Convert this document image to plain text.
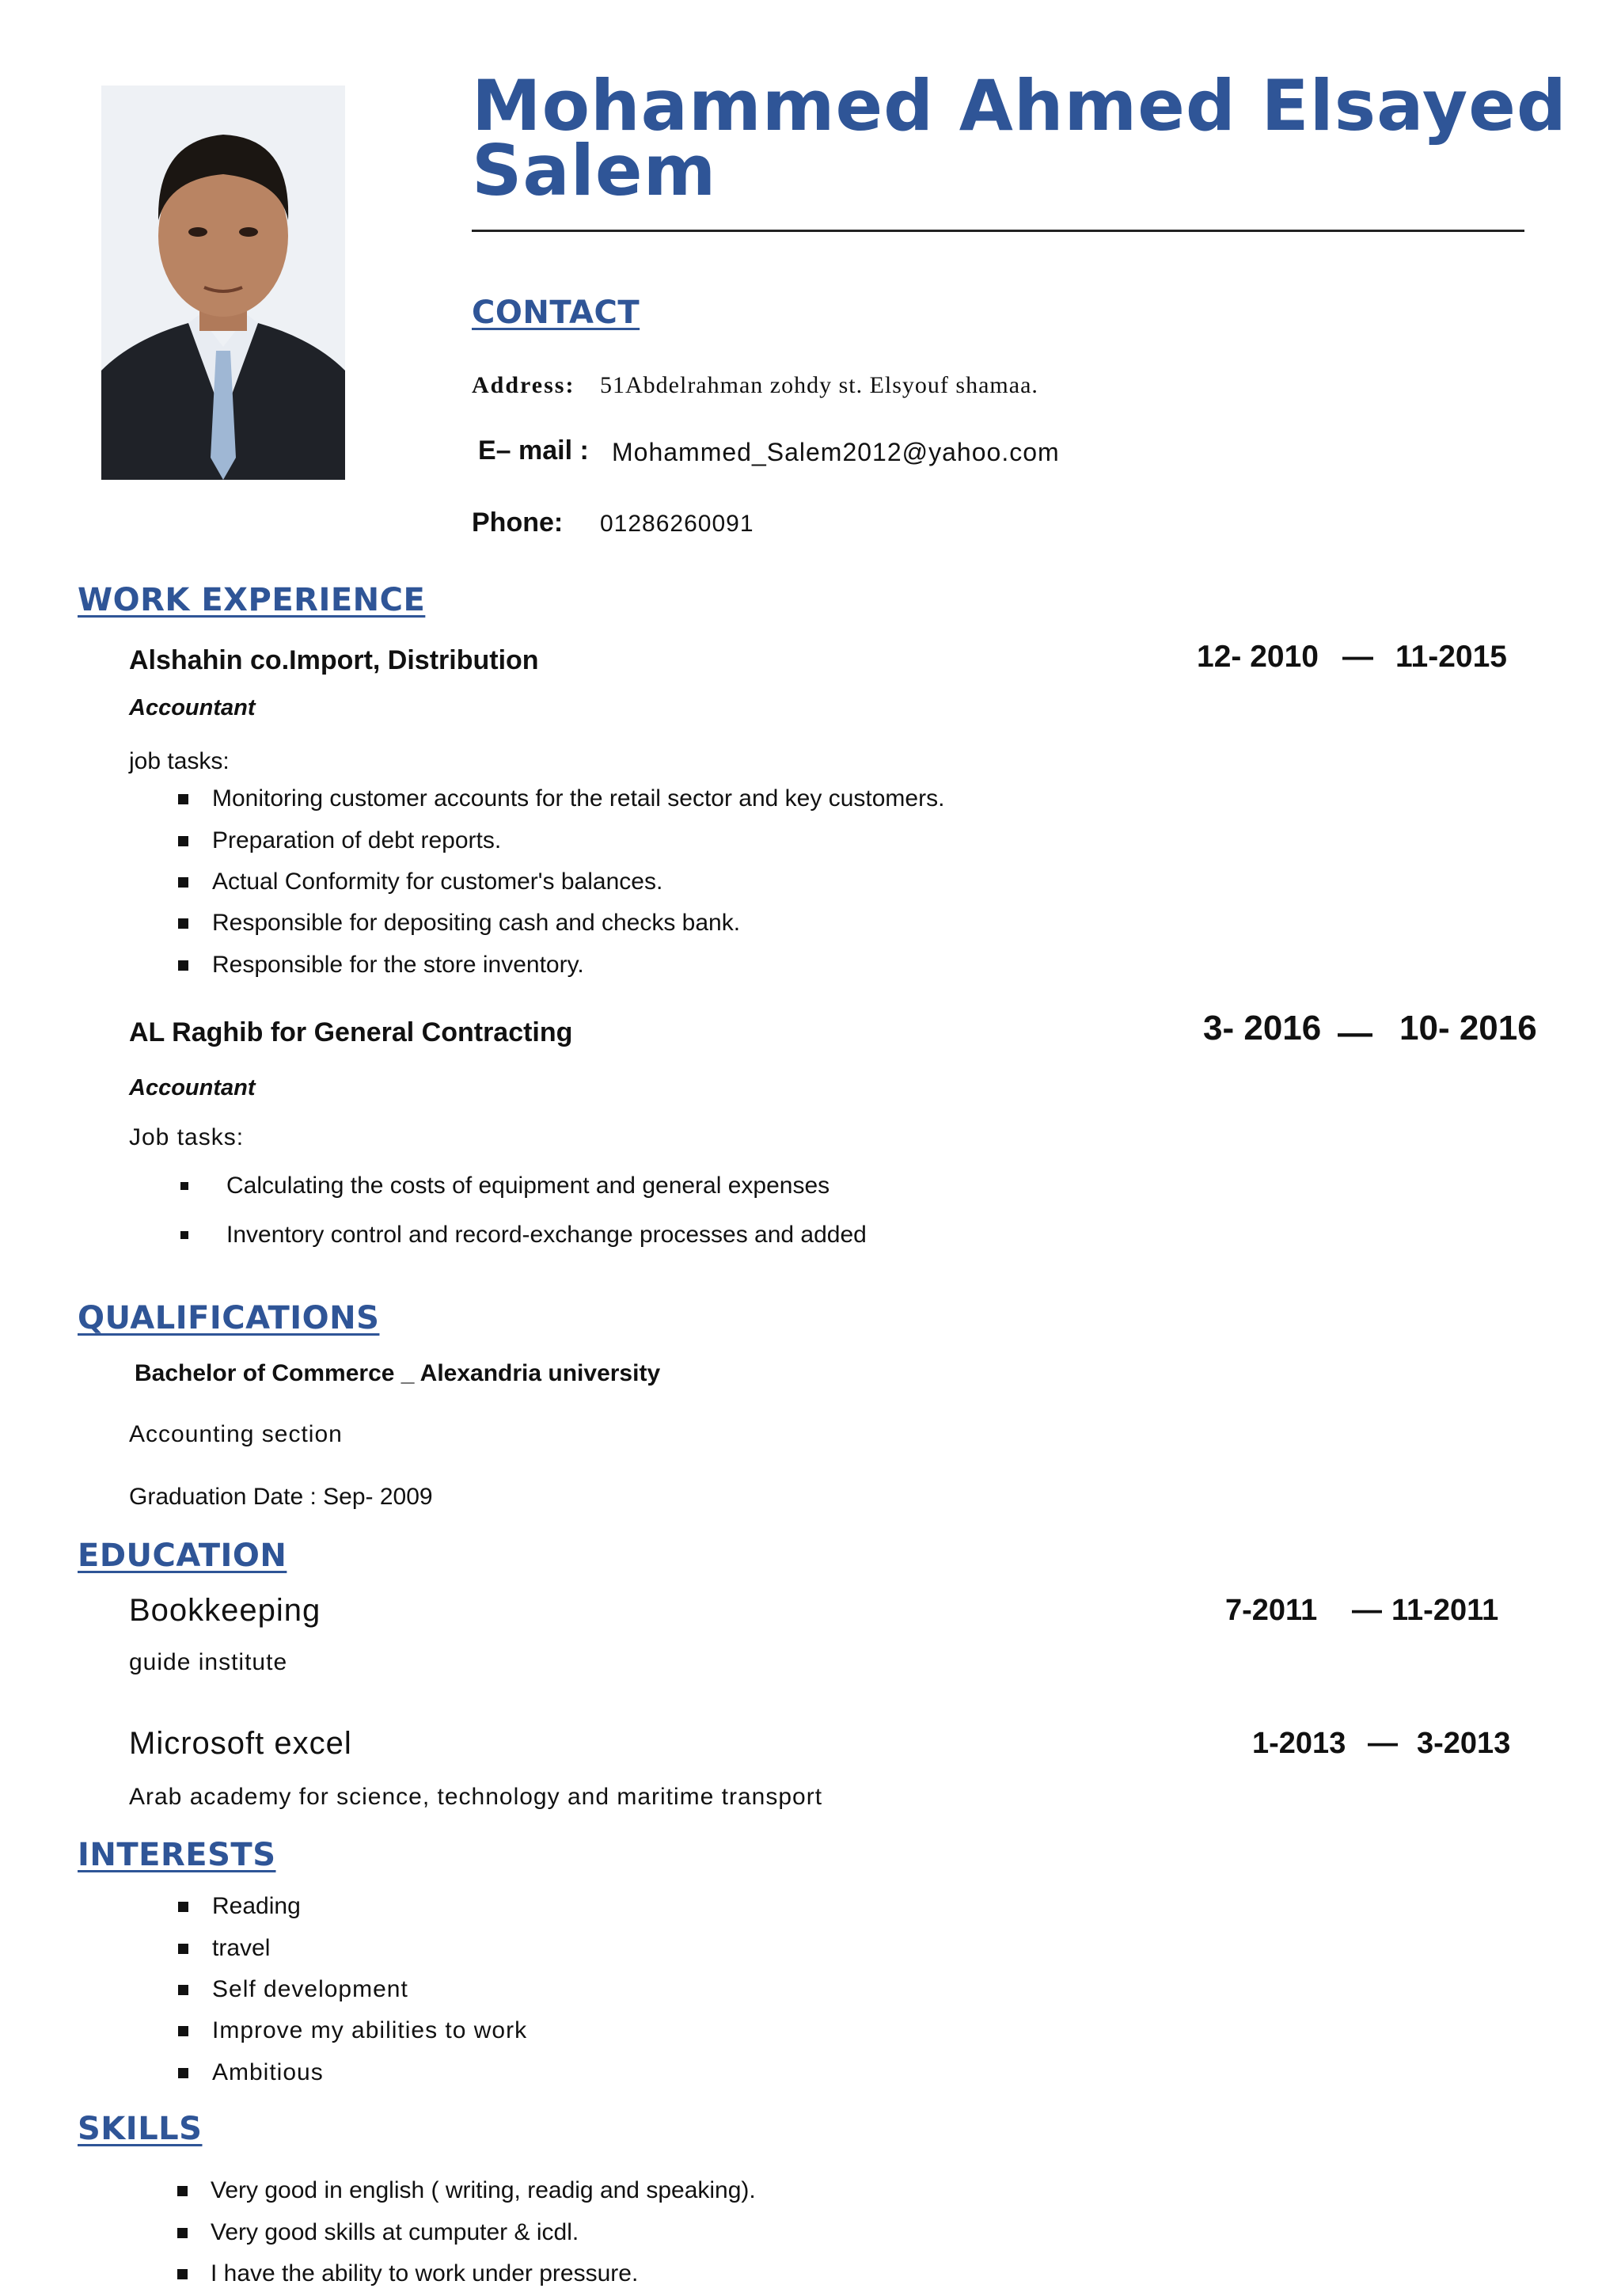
Mohammed Ahmed Elsayed
Salem
CONTACT
Address: 51Abdelrahman zohdy st. Elsyouf shamaa.
E– mail : Mohammed_Salem2012@yahoo.com
Phone: 01286260091
WORK EXPERIENCE
Alshahin co.Import, Distribution	12- 2010 — 11-2015
Accountant
job tasks:
Monitoring customer accounts for the retail sector and key customers.
Preparation of debt reports.
Actual Conformity for customer's balances.
Responsible for depositing cash and checks bank.
Responsible for the store inventory.
AL Raghib for General Contracting	3- 2016 — 10- 2016
Accountant
Job tasks:
Calculating the costs of equipment and general expenses
Inventory control and record-exchange processes and added
QUALIFICATIONS
Bachelor of Commerce _ Alexandria university
Accounting section
Graduation Date : Sep- 2009
EDUCATION
Bookkeeping	7-2011 — 11-2011
guide institute
Microsoft excel	1-2013 — 3-2013
Arab academy for science, technology and maritime transport
INTERESTS
Reading
travel
Self development
Improve my abilities to work
Ambitious
SKILLS
Very good in english ( writing, readig and speaking).
Very good skills at cumputer & icdl.
I have the ability to work under pressure.
